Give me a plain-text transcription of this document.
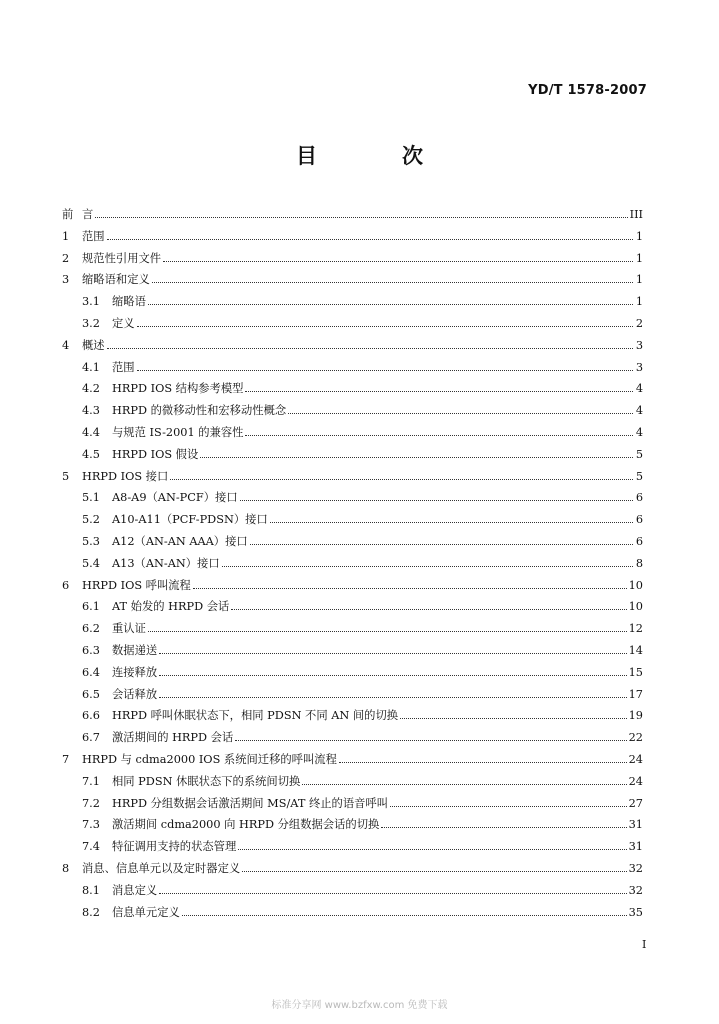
YD/T 1578-2007
目　次
前 言	III
1	范围	1
2	规范性引用文件	1
3	缩略语和定义	1
3.1	缩略语	1
3.2	定义	2
4	概述	3
4.1	范围	3
4.2	HRPD IOS 结构参考模型	4
4.3	HRPD 的微移动性和宏移动性概念	4
4.4	与规范 IS-2001 的兼容性	4
4.5	HRPD IOS 假设	5
5	HRPD IOS 接口	5
5.1	A8-A9（AN-PCF）接口	6
5.2	A10-A11（PCF-PDSN）接口	6
5.3	A12（AN-AN AAA）接口	6
5.4	A13（AN-AN）接口	8
6	HRPD IOS 呼叫流程	10
6.1	AT 始发的 HRPD 会话	10
6.2	重认证	12
6.3	数据递送	14
6.4	连接释放	15
6.5	会话释放	17
6.6	HRPD 呼叫休眠状态下，相同 PDSN 不同 AN 间的切换	19
6.7	激活期间的 HRPD 会话	22
7	HRPD 与 cdma2000 IOS 系统间迁移的呼叫流程	24
7.1	相同 PDSN 休眠状态下的系统间切换	24
7.2	HRPD 分组数据会话激活期间 MS/AT 终止的语音呼叫	27
7.3	激活期间 cdma2000 向 HRPD 分组数据会话的切换	31
7.4	特征调用支持的状态管理	31
8	消息、信息单元以及定时器定义	32
8.1	消息定义	32
8.2	信息单元定义	35
I
标准分享网 www.bzfxw.com 免费下载
